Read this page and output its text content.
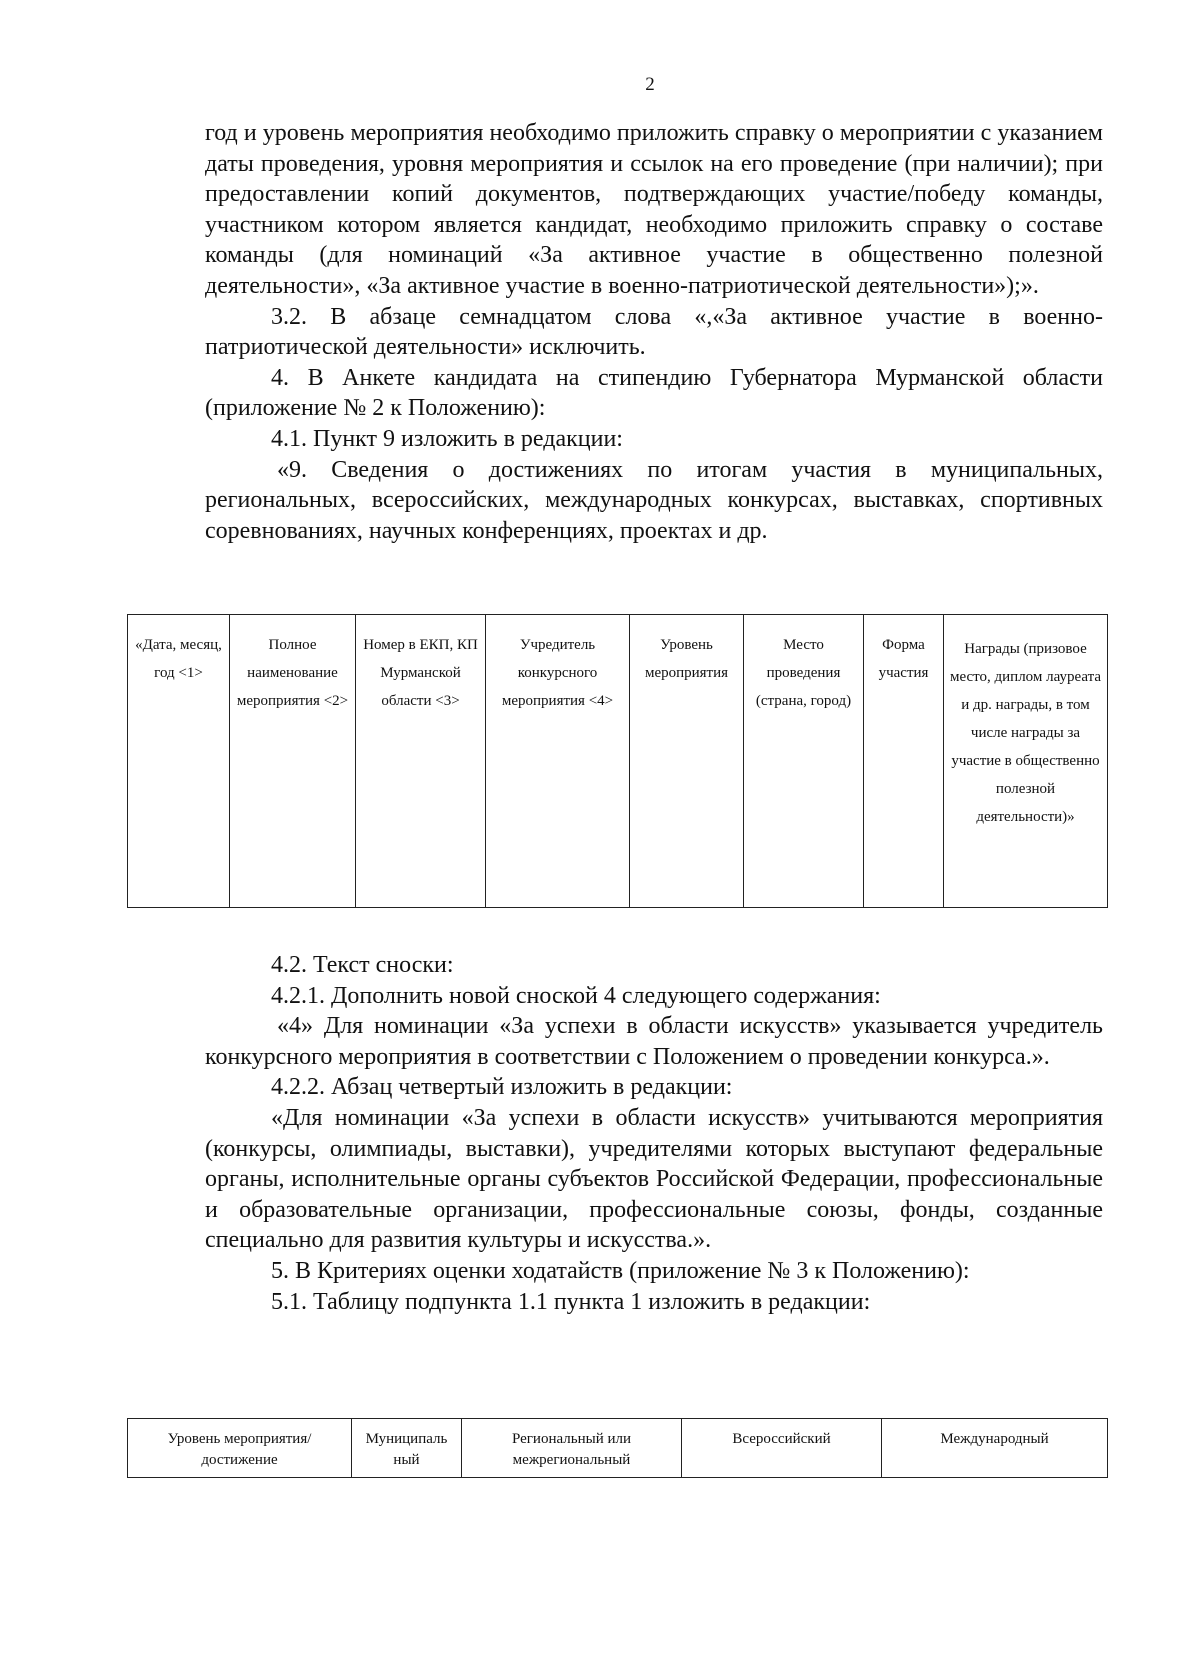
2

год и уровень мероприятия необходимо приложить справку о мероприятии с указанием даты проведения, уровня мероприятия и ссылок на его проведение (при наличии); при предоставлении копий документов, подтверждающих участие/победу команды, участником котором является кандидат, необходимо приложить справку о составе команды (для номинаций «За активное участие в общественно полезной деятельности», «За активное участие в военно-патриотической деятельности»);».

3.2. В абзаце семнадцатом слова «,«За активное участие в военно-патриотической деятельности» исключить.

4. В Анкете кандидата на стипендию Губернатора Мурманской области (приложение № 2 к Положению):

4.1. Пункт 9 изложить в редакции:

«9. Сведения о достижениях по итогам участия в муниципальных, региональных, всероссийских, международных конкурсах, выставках, спортивных соревнованиях, научных конференциях, проектах и др.

«Дата, месяц, год <1>	Полное наименование мероприятия <2>	Номер в ЕКП, КП Мурманской области <3>	Учредитель конкурсного мероприятия <4>	Уровень мероприятия	Место проведения (страна, город)	Форма участия	Награды (призовое место, диплом лауреата и др. награды, в том числе награды за участие в общественно полезной деятельности)»

4.2. Текст сноски:

4.2.1. Дополнить новой сноской 4 следующего содержания:

«4» Для номинации «За успехи в области искусств» указывается учредитель конкурсного мероприятия в соответствии с Положением о проведении конкурса.».

4.2.2. Абзац четвертый изложить в редакции:

«Для номинации «За успехи в области искусств» учитываются мероприятия (конкурсы, олимпиады, выставки), учредителями которых выступают федеральные органы, исполнительные органы субъектов Российской Федерации, профессиональные и образовательные организации, профессиональные союзы, фонды, созданные специально для развития культуры и искусства.».

5. В Критериях оценки ходатайств (приложение № 3 к Положению):

5.1. Таблицу подпункта 1.1 пункта 1 изложить в редакции:

Уровень мероприятия/достижение	Муниципаль ный	Региональный или межрегиональный	Всероссийский	Международный
